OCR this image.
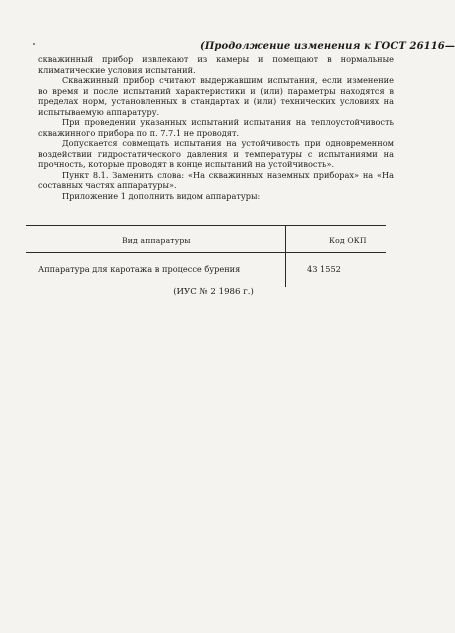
(Продолжение изменения к ГОСТ 26116—

скважинный прибор извлекают из камеры и помещают в нормальные климатические условия испытаний.

Скважинный прибор считают выдержавшим испытания, если изменение во время и после испытаний характеристики и (или) параметры находятся в пределах норм, установленных в стандартах и (или) технических условиях на испытываемую аппаратуру.

При проведении указанных испытаний испытания на теплоустойчивость скважинного прибора по п. 7.7.1 не проводят.

Допускается совмещать испытания на устойчивость при одновременном воздействии гидростатического давления и температуры с испытаниями на прочность, которые проводят в конце испытаний на устойчивость».

Пункт 8.1. Заменить слова: «На скважинных наземных приборах» на «На составных частях аппаратуры».

Приложение 1 дополнить видом аппаратуры:

Вид аппаратуры	Код ОКП
Аппаратура для каротажа в процессе бурения	43 1552
(ИУС № 2 1986 г.)
